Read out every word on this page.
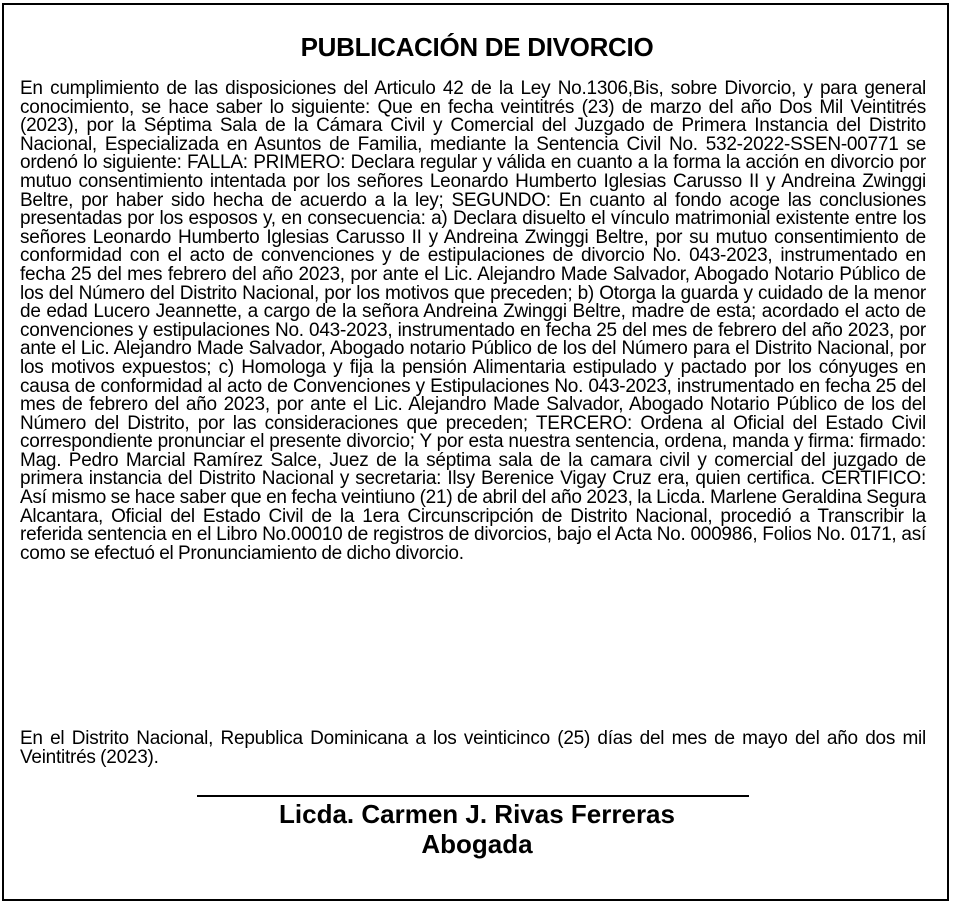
PUBLICACIÓN DE DIVORCIO
En cumplimiento de las disposiciones del Articulo 42 de la Ley No.1306,Bis, sobre Divorcio, y para general conocimiento, se hace saber lo siguiente: Que en fecha veintitrés (23) de marzo del año Dos Mil Veintitrés (2023), por la Séptima Sala de la Cámara Civil y Comercial del Juzgado de Primera Instancia del Distrito Nacional, Especializada en Asuntos de Familia, mediante la Sentencia Civil No. 532-2022-SSEN-00771 se ordenó lo siguiente: FALLA: PRIMERO: Declara regular y válida en cuanto a la forma la acción en divorcio por mutuo consentimiento intentada por los señores Leonardo Humberto Iglesias Carusso II y Andreina Zwinggi Beltre, por haber sido hecha de acuerdo a la ley; SEGUNDO: En cuanto al fondo acoge las conclusiones presentadas por los esposos y, en consecuencia: a) Declara disuelto el vínculo matrimonial existente entre los señores Leonardo Humberto Iglesias Carusso II y Andreina Zwinggi Beltre, por su mutuo consentimiento de conformidad con el acto de convenciones y de estipulaciones de divorcio No. 043-2023, instrumentado en fecha 25 del mes febrero del año 2023, por ante el Lic. Alejandro Made Salvador, Abogado Notario Público de los del Número del Distrito Nacional, por los motivos que preceden; b) Otorga la guarda y cuidado de la menor de edad Lucero Jeannette, a cargo de la señora Andreina Zwinggi Beltre, madre de esta; acordado el acto de convenciones y estipulaciones No. 043-2023, instrumentado en fecha 25 del mes de febrero del año 2023, por ante el Lic. Alejandro Made Salvador, Abogado notario Público de los del Número para el Distrito Nacional, por los motivos expuestos; c) Homologa y fija la pensión Alimentaria estipulado y pactado por los cónyuges en causa de conformidad al acto de Convenciones y Estipulaciones No. 043-2023, instrumentado en fecha 25 del mes de febrero del año 2023, por ante el Lic. Alejandro Made Salvador, Abogado Notario Público de los del Número del Distrito, por las consideraciones que preceden; TERCERO: Ordena al Oficial del Estado Civil correspondiente pronunciar el presente divorcio; Y por esta nuestra sentencia, ordena, manda y firma: firmado: Mag. Pedro Marcial Ramírez Salce, Juez de la séptima sala de la camara civil y comercial del juzgado de primera instancia del Distrito Nacional y secretaria: Ilsy Berenice Vigay Cruz era, quien certifica. CERTIFICO: Así mismo se hace saber que en fecha veintiuno (21) de abril del año 2023, la Licda. Marlene Geraldina Segura Alcantara, Oficial del Estado Civil de la 1era Circunscripción de Distrito Nacional, procedió a Transcribir la referida sentencia en el Libro No.00010 de registros de divorcios, bajo el Acta No. 000986, Folios No. 0171, así como se efectuó el Pronunciamiento de dicho divorcio.
En el Distrito Nacional, Republica Dominicana a los veinticinco (25) días del mes de mayo del año dos mil Veintitrés (2023).
Licda. Carmen J. Rivas Ferreras
Abogada
